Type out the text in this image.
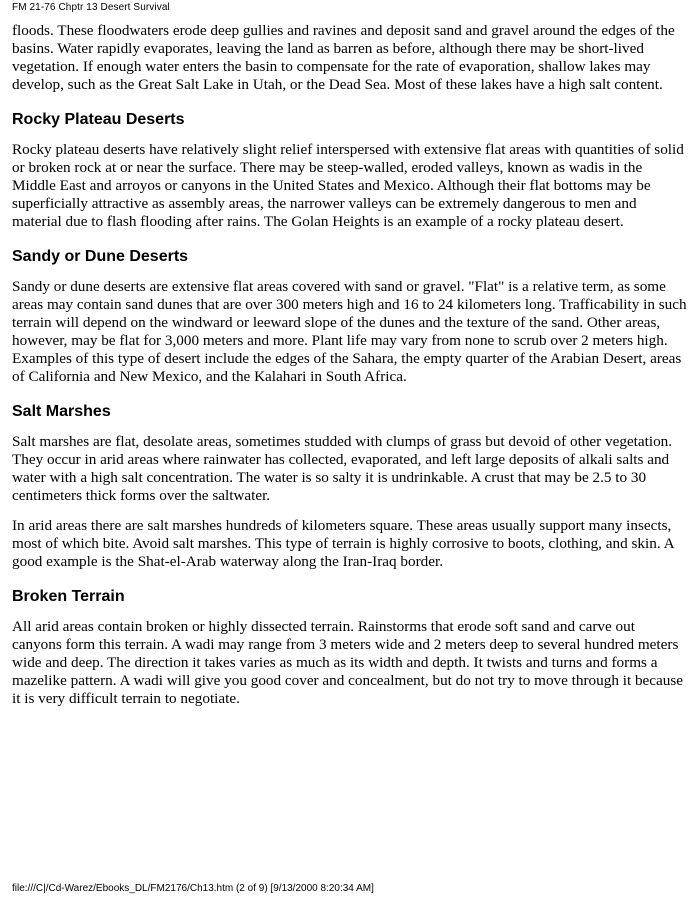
FM 21-76 Chptr 13 Desert Survival

floods. These floodwaters erode deep gullies and ravines and deposit sand and gravel around the edges of the basins. Water rapidly evaporates, leaving the land as barren as before, although there may be short-lived vegetation. If enough water enters the basin to compensate for the rate of evaporation, shallow lakes may develop, such as the Great Salt Lake in Utah, or the Dead Sea. Most of these lakes have a high salt content.

Rocky Plateau Deserts

Rocky plateau deserts have relatively slight relief interspersed with extensive flat areas with quantities of solid or broken rock at or near the surface. There may be steep-walled, eroded valleys, known as wadis in the Middle East and arroyos or canyons in the United States and Mexico. Although their flat bottoms may be superficially attractive as assembly areas, the narrower valleys can be extremely dangerous to men and material due to flash flooding after rains. The Golan Heights is an example of a rocky plateau desert.

Sandy or Dune Deserts

Sandy or dune deserts are extensive flat areas covered with sand or gravel. "Flat" is a relative term, as some areas may contain sand dunes that are over 300 meters high and 16 to 24 kilometers long. Trafficability in such terrain will depend on the windward or leeward slope of the dunes and the texture of the sand. Other areas, however, may be flat for 3,000 meters and more. Plant life may vary from none to scrub over 2 meters high. Examples of this type of desert include the edges of the Sahara, the empty quarter of the Arabian Desert, areas of California and New Mexico, and the Kalahari in South Africa.

Salt Marshes

Salt marshes are flat, desolate areas, sometimes studded with clumps of grass but devoid of other vegetation. They occur in arid areas where rainwater has collected, evaporated, and left large deposits of alkali salts and water with a high salt concentration. The water is so salty it is undrinkable. A crust that may be 2.5 to 30 centimeters thick forms over the saltwater.

In arid areas there are salt marshes hundreds of kilometers square. These areas usually support many insects, most of which bite. Avoid salt marshes. This type of terrain is highly corrosive to boots, clothing, and skin. A good example is the Shat-el-Arab waterway along the Iran-Iraq border.

Broken Terrain

All arid areas contain broken or highly dissected terrain. Rainstorms that erode soft sand and carve out canyons form this terrain. A wadi may range from 3 meters wide and 2 meters deep to several hundred meters wide and deep. The direction it takes varies as much as its width and depth. It twists and turns and forms a mazelike pattern. A wadi will give you good cover and concealment, but do not try to move through it because it is very difficult terrain to negotiate.

file:///C|/Cd-Warez/Ebooks_DL/FM2176/Ch13.htm (2 of 9) [9/13/2000 8:20:34 AM]
